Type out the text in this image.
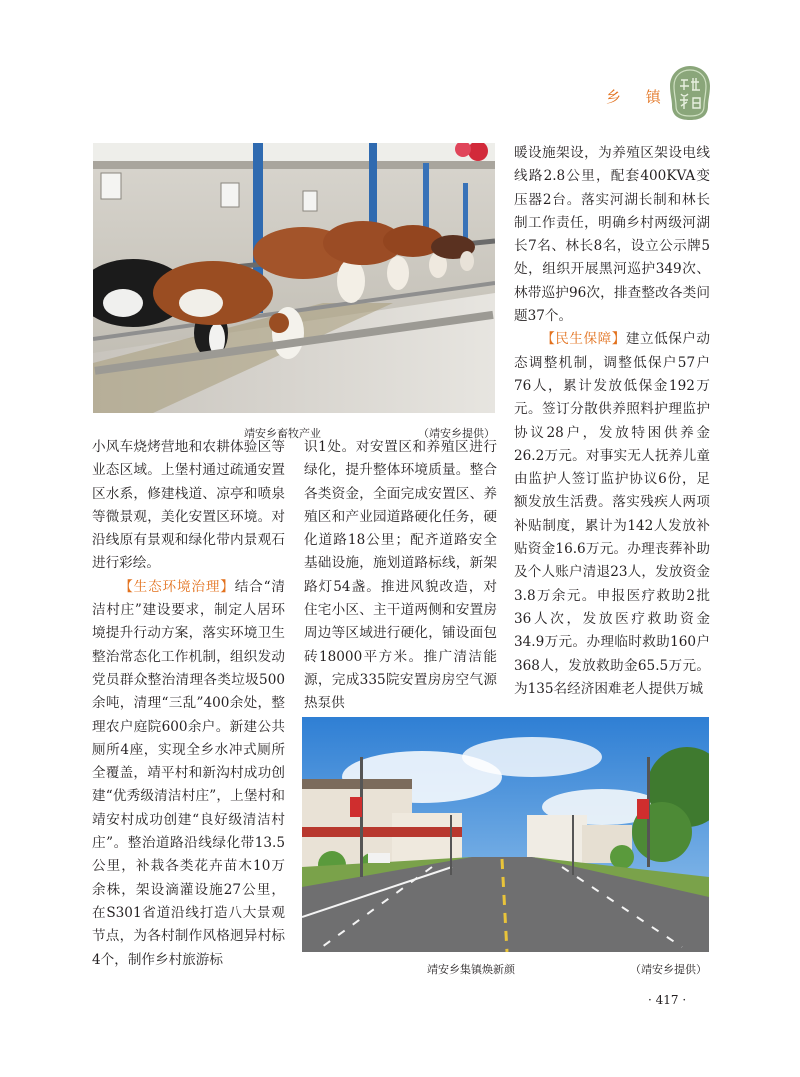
乡 镇
靖安乡畜牧产业	（靖安乡提供）

小风车烧烤营地和农耕体验区等业态区域。上堡村通过疏通安置区水系，修建栈道、凉亭和喷泉等微景观，美化安置区环境。对沿线原有景观和绿化带内景观石进行彩绘。

【生态环境治理】结合“清洁村庄”建设要求，制定人居环境提升行动方案，落实环境卫生整治常态化工作机制，组织发动党员群众整治清理各类垃圾500余吨，清理“三乱”400余处，整理农户庭院600余户。新建公共厕所4座，实现全乡水冲式厕所全覆盖，靖平村和新沟村成功创建“优秀级清洁村庄”，上堡村和靖安村成功创建“良好级清洁村庄”。整治道路沿线绿化带13.5公里，补栽各类花卉苗木10万余株，架设滴灌设施27公里，在S301省道沿线打造八大景观节点，为各村制作风格迥异村标4个，制作乡村旅游标

识1处。对安置区和养殖区进行绿化，提升整体环境质量。整合各类资金，全面完成安置区、养殖区和产业园道路硬化任务，硬化道路18公里；配齐道路安全基础设施，施划道路标线，新架路灯54盏。推进风貌改造，对住宅小区、主干道两侧和安置房周边等区域进行硬化，铺设面包砖18000平方米。推广清洁能源，完成335院安置房房空气源热泵供

暖设施架设，为养殖区架设电线线路2.8公里，配套400KVA变压器2台。落实河湖长制和林长制工作责任，明确乡村两级河湖长7名、林长8名，设立公示牌5处，组织开展黑河巡护349次、林带巡护96次，排查整改各类问题37个。

【民生保障】建立低保户动态调整机制，调整低保户57户76人，累计发放低保金192万元。签订分散供养照料护理监护协议28户，发放特困供养金26.2万元。对事实无人抚养儿童由监护人签订监护协议6份，足额发放生活费。落实残疾人两项补贴制度，累计为142人发放补贴资金16.6万元。办理丧葬补助及个人账户清退23人，发放资金3.8万余元。申报医疗救助2批36人次，发放医疗救助资金34.9万元。办理临时救助160户368人，发放救助金65.5万元。为135名经济困难老人提供万城

靖安乡集镇焕新颜	（靖安乡提供）
· 417 ·
